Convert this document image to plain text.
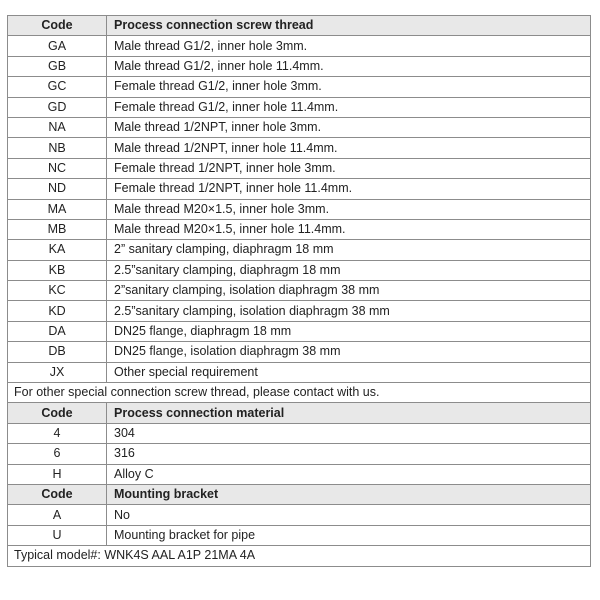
Code	Process connection screw thread
GA	Male thread G1/2, inner hole 3mm.
GB	Male thread G1/2, inner hole 11.4mm.
GC	Female thread G1/2, inner hole 3mm.
GD	Female thread G1/2, inner hole 11.4mm.
NA	Male thread 1/2NPT, inner hole 3mm.
NB	Male thread 1/2NPT, inner hole 11.4mm.
NC	Female thread 1/2NPT, inner hole 3mm.
ND	Female thread 1/2NPT, inner hole 11.4mm.
MA	Male thread M20×1.5, inner hole 3mm.
MB	Male thread M20×1.5, inner hole 11.4mm.
KA	2” sanitary clamping, diaphragm 18 mm
KB	2.5”sanitary clamping, diaphragm 18 mm
KC	2”sanitary clamping, isolation diaphragm 38 mm
KD	2.5”sanitary clamping, isolation diaphragm 38 mm
DA	DN25 flange, diaphragm 18 mm
DB	DN25 flange, isolation diaphragm 38 mm
JX	Other special requirement
For other special connection screw thread, please contact with us.	
Code	Process connection material
4	304
6	316
H	Alloy C
Code	Mounting bracket
A	No
U	Mounting bracket for pipe
Typical model#: WNK4S AAL A1P 21MA 4A	
